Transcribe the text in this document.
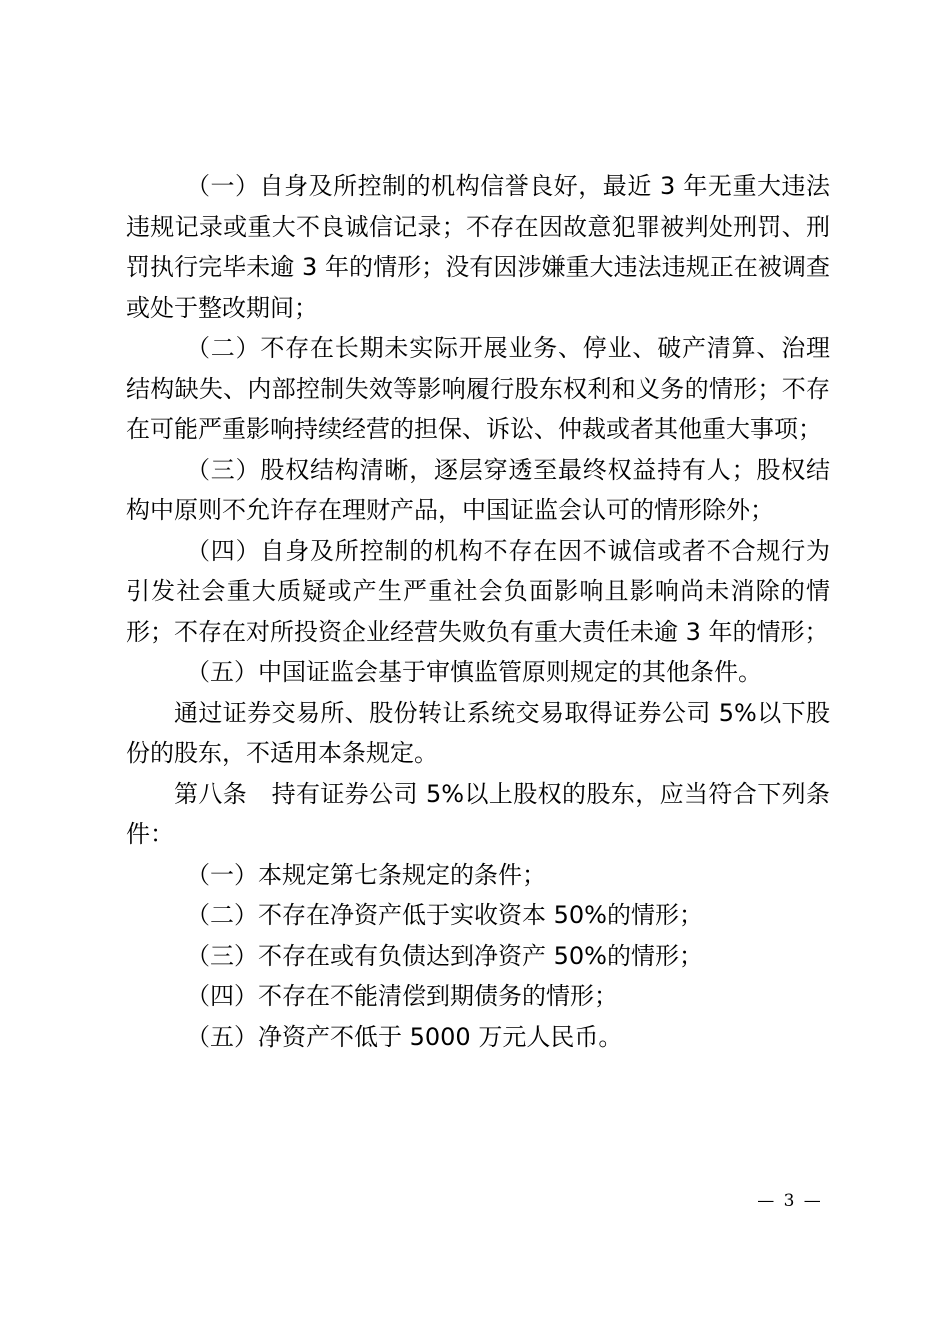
（一）自身及所控制的机构信誉良好，最近 3 年无重大违法违规记录或重大不良诚信记录；不存在因故意犯罪被判处刑罚、刑罚执行完毕未逾 3 年的情形；没有因涉嫌重大违法违规正在被调查或处于整改期间；

（二）不存在长期未实际开展业务、停业、破产清算、治理结构缺失、内部控制失效等影响履行股东权利和义务的情形；不存在可能严重影响持续经营的担保、诉讼、仲裁或者其他重大事项；

（三）股权结构清晰，逐层穿透至最终权益持有人；股权结构中原则不允许存在理财产品，中国证监会认可的情形除外；

（四）自身及所控制的机构不存在因不诚信或者不合规行为引发社会重大质疑或产生严重社会负面影响且影响尚未消除的情形；不存在对所投资企业经营失败负有重大责任未逾 3 年的情形；

（五）中国证监会基于审慎监管原则规定的其他条件。

通过证券交易所、股份转让系统交易取得证券公司 5%以下股份的股东，不适用本条规定。

第八条　持有证券公司 5%以上股权的股东，应当符合下列条件：

（一）本规定第七条规定的条件；

（二）不存在净资产低于实收资本 50%的情形；

（三）不存在或有负债达到净资产 50%的情形；

（四）不存在不能清偿到期债务的情形；

（五）净资产不低于 5000 万元人民币。

— 3 —
